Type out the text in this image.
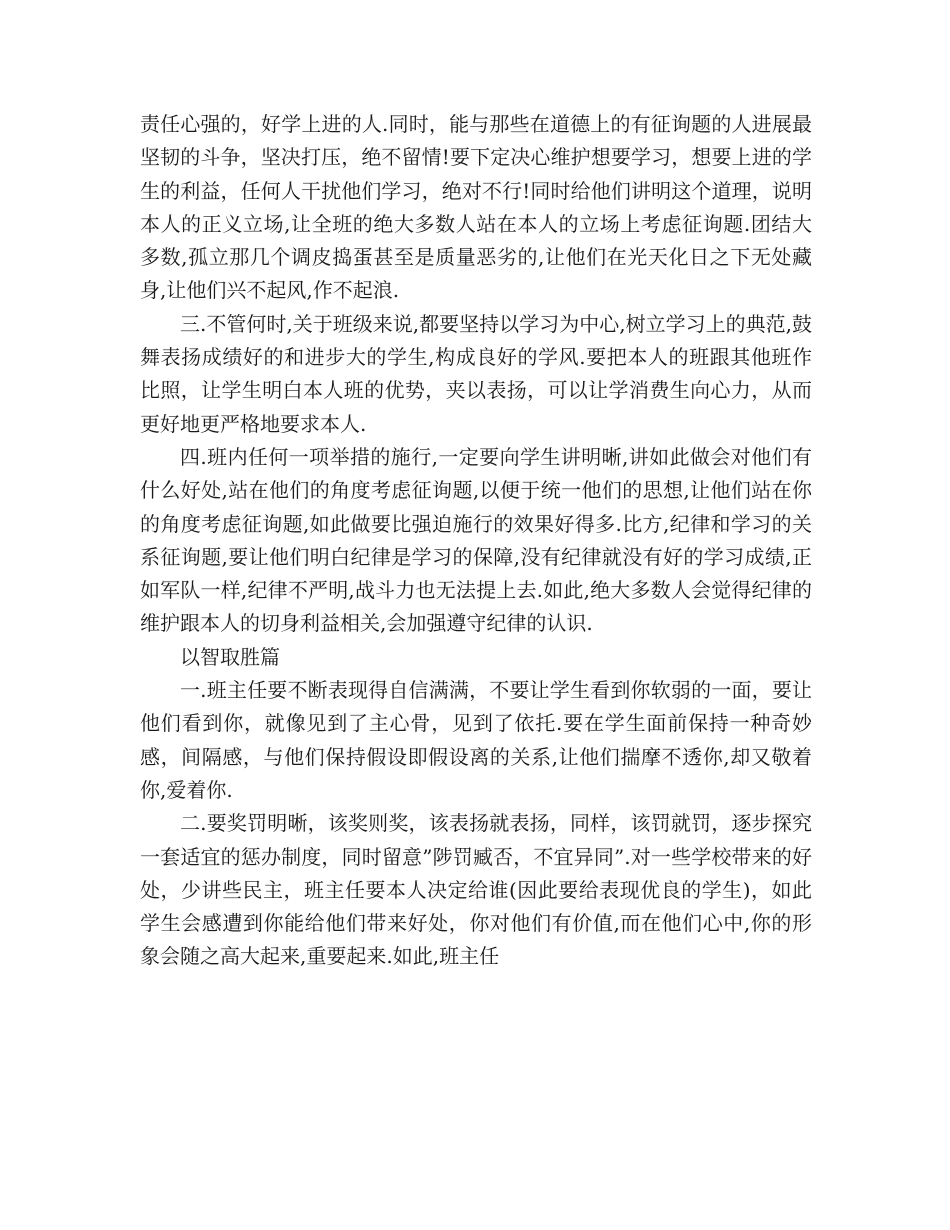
责任心强的，好学上进的人.同时，能与那些在道德上的有征询题的人进展最坚韧的斗争，坚决打压，绝不留情!要下定决心维护想要学习，想要上进的学生的利益，任何人干扰他们学习，绝对不行!同时给他们讲明这个道理，说明本人的正义立场,让全班的绝大多数人站在本人的立场上考虑征询题.团结大多数,孤立那几个调皮捣蛋甚至是质量恶劣的,让他们在光天化日之下无处藏身,让他们兴不起风,作不起浪.

三.不管何时,关于班级来说,都要坚持以学习为中心,树立学习上的典范,鼓舞表扬成绩好的和进步大的学生,构成良好的学风.要把本人的班跟其他班作比照，让学生明白本人班的优势，夹以表扬，可以让学消费生向心力，从而更好地更严格地要求本人.

四.班内任何一项举措的施行,一定要向学生讲明晰,讲如此做会对他们有什么好处,站在他们的角度考虑征询题,以便于统一他们的思想,让他们站在你的角度考虑征询题,如此做要比强迫施行的效果好得多.比方,纪律和学习的关系征询题,要让他们明白纪律是学习的保障,没有纪律就没有好的学习成绩,正如军队一样,纪律不严明,战斗力也无法提上去.如此,绝大多数人会觉得纪律的维护跟本人的切身利益相关,会加强遵守纪律的认识.

以智取胜篇

一.班主任要不断表现得自信满满，不要让学生看到你软弱的一面，要让他们看到你，就像见到了主心骨，见到了依托.要在学生面前保持一种奇妙感，间隔感，与他们保持假设即假设离的关系,让他们揣摩不透你,却又敬着你,爱着你.

二.要奖罚明晰，该奖则奖，该表扬就表扬，同样，该罚就罚，逐步探究一套适宜的惩办制度，同时留意”陟罚臧否，不宜异同”.对一些学校带来的好处，少讲些民主，班主任要本人决定给谁(因此要给表现优良的学生)，如此学生会感遭到你能给他们带来好处，你对他们有价值,而在他们心中,你的形象会随之高大起来,重要起来.如此,班主任
